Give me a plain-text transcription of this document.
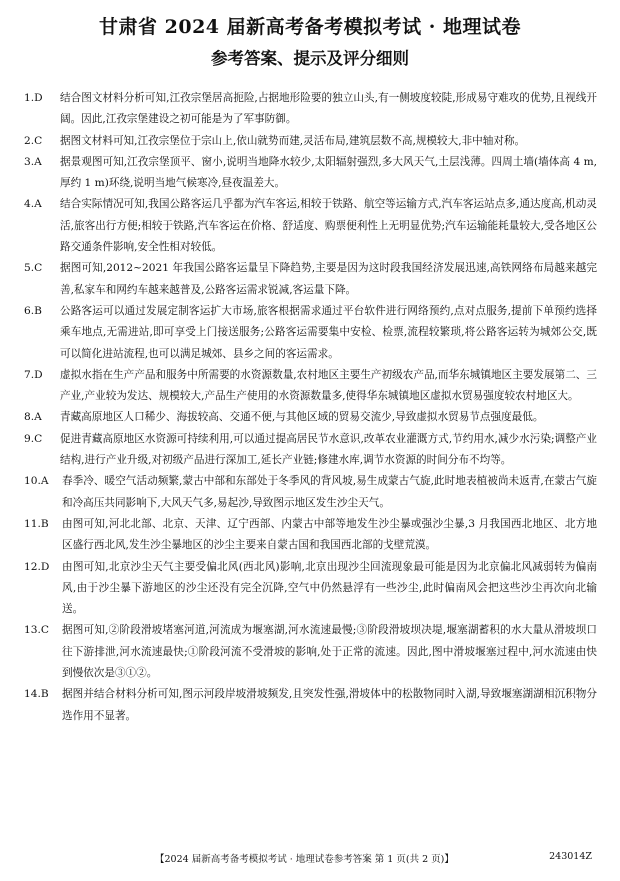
甘肃省 2024 届新高考备考模拟考试 · 地理试卷
参考答案、提示及评分细则
1.D 结合图文材料分析可知,江孜宗堡居高扼险,占据地形险要的独立山头,有一侧坡度较陡,形成易守难攻的优势,且视线开阔。因此,江孜宗堡建设之初可能是为了军事防御。
2.C 据图文材料可知,江孜宗堡位于宗山上,依山就势而建,灵活布局,建筑层数不高,规模较大,非中轴对称。
3.A 据景观图可知,江孜宗堡顶平、窗小,说明当地降水较少,太阳辐射强烈,多大风天气,土层浅薄。四周土墙(墙体高 4 m,厚约 1 m)环绕,说明当地气候寒冷,昼夜温差大。
4.A 结合实际情况可知,我国公路客运几乎都为汽车客运,相较于铁路、航空等运输方式,汽车客运站点多,通达度高,机动灵活,旅客出行方便;相较于铁路,汽车客运在价格、舒适度、购票便利性上无明显优势;汽车运输能耗量较大,受各地区公路交通条件影响,安全性相对较低。
5.C 据图可知,2012~2021 年我国公路客运量呈下降趋势,主要是因为这时段我国经济发展迅速,高铁网络布局越来越完善,私家车和网约车越来越普及,公路客运需求锐减,客运量下降。
6.B 公路客运可以通过发展定制客运扩大市场,旅客根据需求通过平台软件进行网络预约,点对点服务,提前下单预约选择乘车地点,无需进站,即可享受上门接送服务;公路客运需要集中安检、检票,流程较繁琐,将公路客运转为城郊公交,既可以简化进站流程,也可以满足城郊、县乡之间的客运需求。
7.D 虚拟水指在生产产品和服务中所需要的水资源数量,农村地区主要生产初级农产品,而华东城镇地区主要发展第二、三产业,产业较为发达、规模较大,产品生产使用的水资源数量多,使得华东城镇地区虚拟水贸易强度较农村地区大。
8.A 青藏高原地区人口稀少、海拔较高、交通不便,与其他区域的贸易交流少,导致虚拟水贸易节点强度最低。
9.C 促进青藏高原地区水资源可持续利用,可以通过提高居民节水意识,改革农业灌溉方式,节约用水,减少水污染;调整产业结构,进行产业升级,对初级产品进行深加工,延长产业链;修建水库,调节水资源的时间分布不均等。
10.A 春季冷、暖空气活动频繁,蒙古中部和东部处于冬季风的背风坡,易生成蒙古气旋,此时地表植被尚未返青,在蒙古气旋和冷高压共同影响下,大风天气多,易起沙,导致图示地区发生沙尘天气。
11.B 由图可知,河北北部、北京、天津、辽宁西部、内蒙古中部等地发生沙尘暴或强沙尘暴,3 月我国西北地区、北方地区盛行西北风,发生沙尘暴地区的沙尘主要来自蒙古国和我国西北部的戈壁荒漠。
12.D 由图可知,北京沙尘天气主要受偏北风(西北风)影响,北京出现沙尘回流现象最可能是因为北京偏北风减弱转为偏南风,由于沙尘暴下游地区的沙尘还没有完全沉降,空气中仍然悬浮有一些沙尘,此时偏南风会把这些沙尘再次向北输送。
13.C 据图可知,②阶段滑坡堵塞河道,河流成为堰塞湖,河水流速最慢;③阶段滑坡坝决堤,堰塞湖蓄积的水大量从滑坡坝口往下游排泄,河水流速最快;①阶段河流不受滑坡的影响,处于正常的流速。因此,图中滑坡堰塞过程中,河水流速由快到慢依次是③①②。
14.B 据图并结合材料分析可知,图示河段岸坡滑坡频发,且突发性强,滑坡体中的松散物同时入湖,导致堰塞湖湖相沉积物分选作用不显著。
【2024 届新高考备考模拟考试 · 地理试卷参考答案 第 1 页(共 2 页)】	243014Z
